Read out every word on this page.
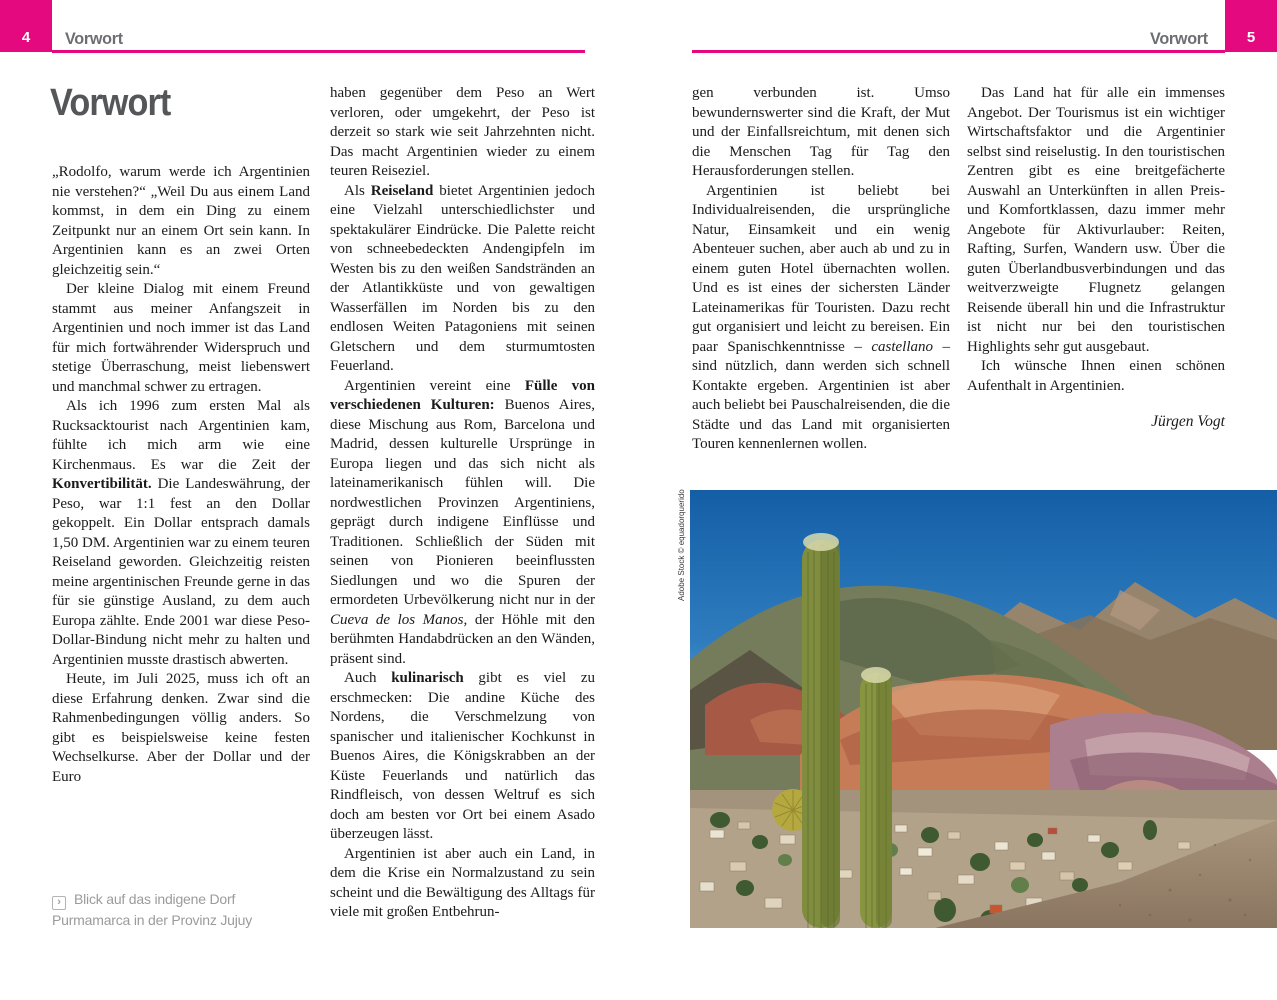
4 Vorwort	5
Vorwort
Vorwort

„Rodolfo, warum werde ich Argentinien nie verstehen?“ „Weil Du aus einem Land kommst, in dem ein Ding zu einem Zeitpunkt nur an einem Ort sein kann. In Argentinien kann es an zwei Orten gleichzeitig sein.“

Der kleine Dialog mit einem Freund stammt aus meiner Anfangszeit in Argentinien und noch immer ist das Land für mich fortwährender Widerspruch und stetige Überraschung, meist liebenswert und manchmal schwer zu ertragen.

Als ich 1996 zum ersten Mal als Rucksacktourist nach Argentinien kam, fühlte ich mich arm wie eine Kirchenmaus. Es war die Zeit der Konvertibilität. Die Landeswährung, der Peso, war 1:1 fest an den Dollar gekoppelt. Ein Dollar entsprach damals 1,50 DM. Argentinien war zu einem teuren Reiseland geworden. Gleichzeitig reisten meine argentinischen Freunde gerne in das für sie günstige Ausland, zu dem auch Europa zählte. Ende 2001 war diese Peso-Dollar-Bindung nicht mehr zu halten und Argentinien musste drastisch abwerten.

Heute, im Juli 2025, muss ich oft an diese Erfahrung denken. Zwar sind die Rahmenbedingungen völlig anders. So gibt es beispielsweise keine festen Wechselkurse. Aber der Dollar und der Euro

haben gegenüber dem Peso an Wert verloren, oder umgekehrt, der Peso ist derzeit so stark wie seit Jahrzehnten nicht. Das macht Argentinien wieder zu einem teuren Reiseziel.

Als Reiseland bietet Argentinien jedoch eine Vielzahl unterschiedlichster und spektakulärer Eindrücke. Die Palette reicht von schneebedeckten Andengipfeln im Westen bis zu den weißen Sandstränden an der Atlantikküste und von gewaltigen Wasserfällen im Norden bis zu den endlosen Weiten Patagoniens mit seinen Gletschern und dem sturmumtosten Feuerland.

Argentinien vereint eine Fülle von verschiedenen Kulturen: Buenos Aires, diese Mischung aus Rom, Barcelona und Madrid, dessen kulturelle Ursprünge in Europa liegen und das sich nicht als lateinamerikanisch fühlen will. Die nordwestlichen Provinzen Argentiniens, geprägt durch indigene Einflüsse und Traditionen. Schließlich der Süden mit seinen von Pionieren beeinflussten Siedlungen und wo die Spuren der ermordeten Urbevölkerung nicht nur in der Cueva de los Manos, der Höhle mit den berühmten Handabdrücken an den Wänden, präsent sind.

Auch kulinarisch gibt es viel zu erschmecken: Die andine Küche des Nordens, die Verschmelzung von spanischer und italienischer Kochkunst in Buenos Aires, die Königskrabben an der Küste Feuerlands und natürlich das Rindfleisch, von dessen Weltruf es sich doch am besten vor Ort bei einem Asado überzeugen lässt.

Argentinien ist aber auch ein Land, in dem die Krise ein Normalzustand zu sein scheint und die Bewältigung des Alltags für viele mit großen Entbehrun-

gen verbunden ist. Umso bewundernswerter sind die Kraft, der Mut und der Einfallsreichtum, mit denen sich die Menschen Tag für Tag den Herausforderungen stellen.

Argentinien ist beliebt bei Individualreisenden, die ursprüngliche Natur, Einsamkeit und ein wenig Abenteuer suchen, aber auch ab und zu in einem guten Hotel übernachten wollen. Und es ist eines der sichersten Länder Lateinamerikas für Touristen. Dazu recht gut organisiert und leicht zu bereisen. Ein paar Spanischkenntnisse – castellano – sind nützlich, dann werden sich schnell Kontakte ergeben. Argentinien ist aber auch beliebt bei Pauschalreisenden, die die Städte und das Land mit organisierten Touren kennenlernen wollen.

Das Land hat für alle ein immenses Angebot. Der Tourismus ist ein wichtiger Wirtschaftsfaktor und die Argentinier selbst sind reiselustig. In den touristischen Zentren gibt es eine breitgefächerte Auswahl an Unterkünften in allen Preis- und Komfortklassen, dazu immer mehr Angebote für Aktivurlauber: Reiten, Rafting, Surfen, Wandern usw. Über die guten Überlandbusverbindungen und das weitverzweigte Flugnetz gelangen Reisende überall hin und die Infrastruktur ist nicht nur bei den touristischen Highlights sehr gut ausgebaut.

Ich wünsche Ihnen einen schönen Aufenthalt in Argentinien.

Jürgen Vogt

› Blick auf das indigene Dorf Purmamarca in der Provinz Jujuy
Adobe Stock © equadorquerido
